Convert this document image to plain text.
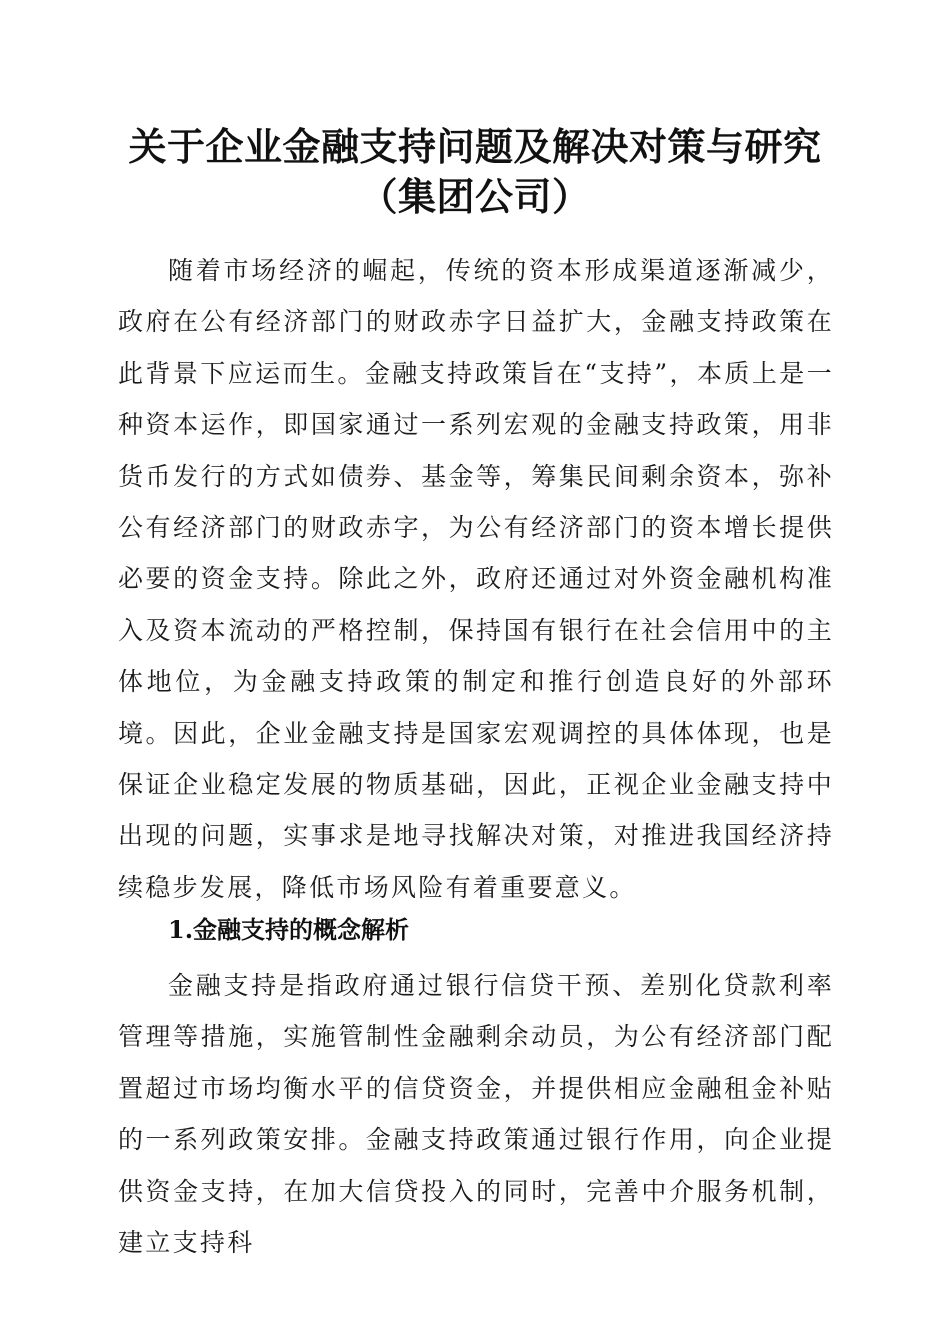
关于企业金融支持问题及解决对策与研究（集团公司）

随着市场经济的崛起，传统的资本形成渠道逐渐减少，政府在公有经济部门的财政赤字日益扩大，金融支持政策在此背景下应运而生。金融支持政策旨在“支持”，本质上是一种资本运作，即国家通过一系列宏观的金融支持政策，用非货币发行的方式如债券、基金等，筹集民间剩余资本，弥补公有经济部门的财政赤字，为公有经济部门的资本增长提供必要的资金支持。除此之外，政府还通过对外资金融机构准入及资本流动的严格控制，保持国有银行在社会信用中的主体地位，为金融支持政策的制定和推行创造良好的外部环境。因此，企业金融支持是国家宏观调控的具体体现，也是保证企业稳定发展的物质基础，因此，正视企业金融支持中出现的问题，实事求是地寻找解决对策，对推进我国经济持续稳步发展，降低市场风险有着重要意义。

1.金融支持的概念解析

金融支持是指政府通过银行信贷干预、差别化贷款利率管理等措施，实施管制性金融剩余动员，为公有经济部门配置超过市场均衡水平的信贷资金，并提供相应金融租金补贴的一系列政策安排。金融支持政策通过银行作用，向企业提供资金支持，在加大信贷投入的同时，完善中介服务机制，建立支持科
